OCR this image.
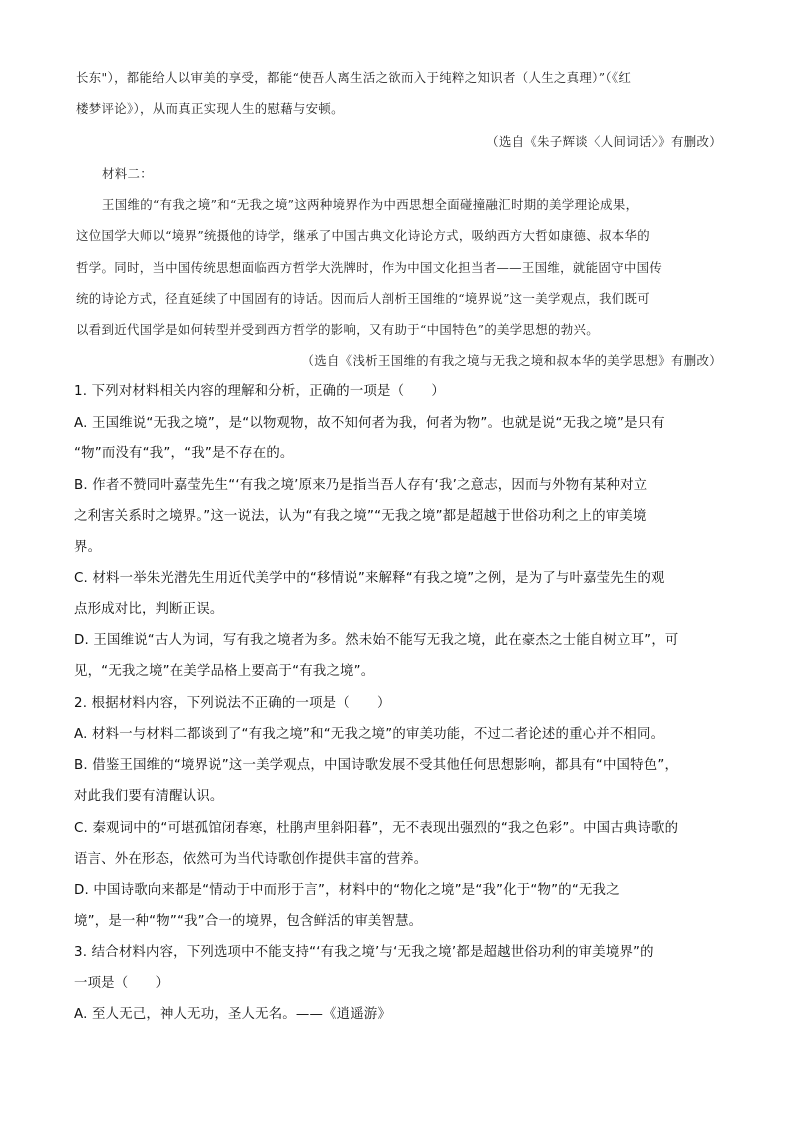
长东"），都能给人以审美的享受，都能“使吾人离生活之欲而入于纯粹之知识者（人生之真理）”（《红
楼梦评论》），从而真正实现人生的慰藉与安顿。
（选自《朱子辉谈〈人间词话〉》有删改）
材料二：
王国维的“有我之境”和“无我之境”这两种境界作为中西思想全面碰撞融汇时期的美学理论成果，
这位国学大师以“境界”统摄他的诗学，继承了中国古典文化诗论方式，吸纳西方大哲如康德、叔本华的
哲学。同时，当中国传统思想面临西方哲学大洗牌时，作为中国文化担当者——王国维，就能固守中国传
统的诗论方式，径直延续了中国固有的诗话。因而后人剖析王国维的“境界说”这一美学观点，我们既可
以看到近代国学是如何转型并受到西方哲学的影响，又有助于“中国特色”的美学思想的勃兴。
（选自《浅析王国维的有我之境与无我之境和叔本华的美学思想》有删改）
1. 下列对材料相关内容的理解和分析，正确的一项是（　　）
A. 王国维说“无我之境”，是“以物观物，故不知何者为我，何者为物”。也就是说“无我之境”是只有
“物”而没有“我”，“我”是不存在的。
B. 作者不赞同叶嘉莹先生“‘有我之境’原来乃是指当吾人存有‘我’之意志，因而与外物有某种对立
之利害关系时之境界。”这一说法，认为“有我之境”“无我之境”都是超越于世俗功利之上的审美境
界。
C. 材料一举朱光潜先生用近代美学中的“移情说”来解释“有我之境”之例，是为了与叶嘉莹先生的观
点形成对比，判断正误。
D. 王国维说“古人为词，写有我之境者为多。然未始不能写无我之境，此在豪杰之士能自树立耳”，可
见，“无我之境”在美学品格上要高于“有我之境”。
2. 根据材料内容，下列说法不正确的一项是（　　）
A. 材料一与材料二都谈到了“有我之境”和“无我之境”的审美功能，不过二者论述的重心并不相同。
B. 借鉴王国维的“境界说”这一美学观点，中国诗歌发展不受其他任何思想影响，都具有“中国特色”，
对此我们要有清醒认识。
C. 秦观词中的“可堪孤馆闭春寒，杜鹃声里斜阳暮”，无不表现出强烈的“我之色彩”。中国古典诗歌的
语言、外在形态，依然可为当代诗歌创作提供丰富的营养。
D. 中国诗歌向来都是“情动于中而形于言”，材料中的“物化之境”是“我”化于“物”的“无我之
境”，是一种“物”“我”合一的境界，包含鲜活的审美智慧。
3. 结合材料内容，下列选项中不能支持“‘有我之境’与‘无我之境’都是超越世俗功利的审美境界”的
一项是（　　）
A. 至人无己，神人无功，圣人无名。——《逍遥游》
